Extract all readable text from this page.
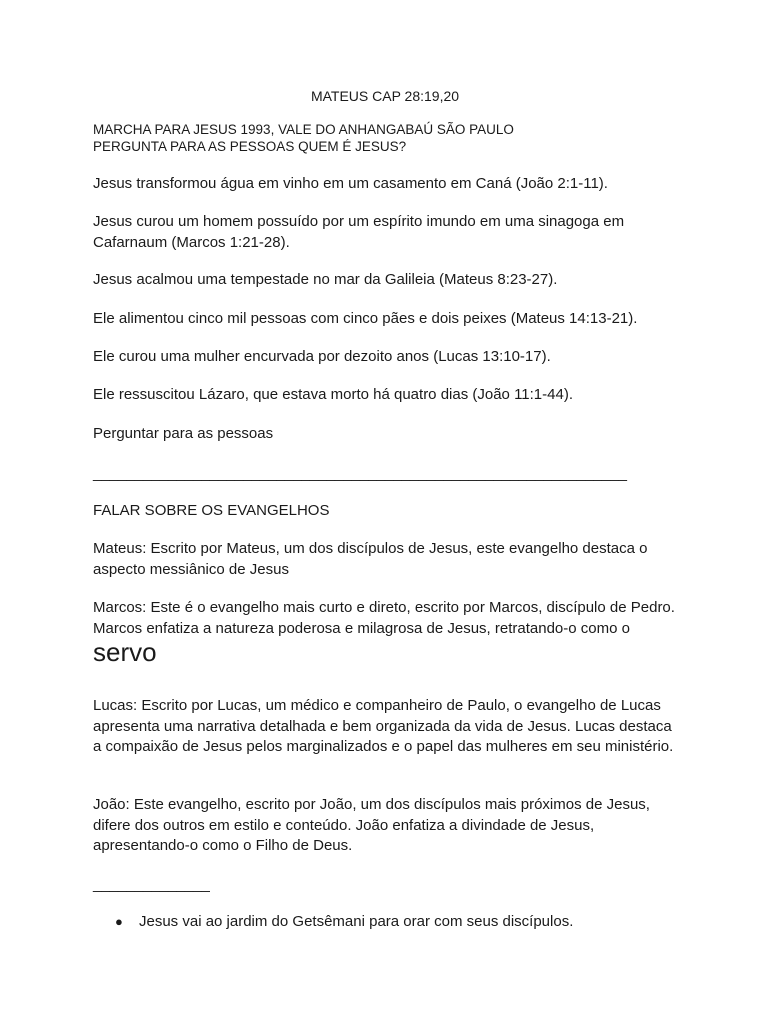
MATEUS CAP 28:19,20
MARCHA PARA JESUS 1993, VALE DO ANHANGABAÚ SÃO PAULO
PERGUNTA PARA AS PESSOAS QUEM É JESUS?

Jesus transformou água em vinho em um casamento em Caná (João 2:1-11).

Jesus curou um homem possuído por um espírito imundo em uma sinagoga em Cafarnaum (Marcos 1:21-28).

Jesus acalmou uma tempestade no mar da Galileia (Mateus 8:23-27).

Ele alimentou cinco mil pessoas com cinco pães e dois peixes (Mateus 14:13-21).

Ele curou uma mulher encurvada por dezoito anos (Lucas 13:10-17).

Ele ressuscitou Lázaro, que estava morto há quatro dias (João 11:1-44).

Perguntar para as pessoas

________________________________________________________________

FALAR SOBRE OS EVANGELHOS

Mateus: Escrito por Mateus, um dos discípulos de Jesus, este evangelho destaca o aspecto messiânico de Jesus

Marcos: Este é o evangelho mais curto e direto, escrito por Marcos, discípulo de Pedro. Marcos enfatiza a natureza poderosa e milagrosa de Jesus, retratando-o como o servo

Lucas: Escrito por Lucas, um médico e companheiro de Paulo, o evangelho de Lucas apresenta uma narrativa detalhada e bem organizada da vida de Jesus. Lucas destaca a compaixão de Jesus pelos marginalizados e o papel das mulheres em seu ministério.

João: Este evangelho, escrito por João, um dos discípulos mais próximos de Jesus, difere dos outros em estilo e conteúdo. João enfatiza a divindade de Jesus, apresentando-o como o Filho de Deus.

______________
●	Jesus vai ao jardim do Getsêmani para orar com seus discípulos.
